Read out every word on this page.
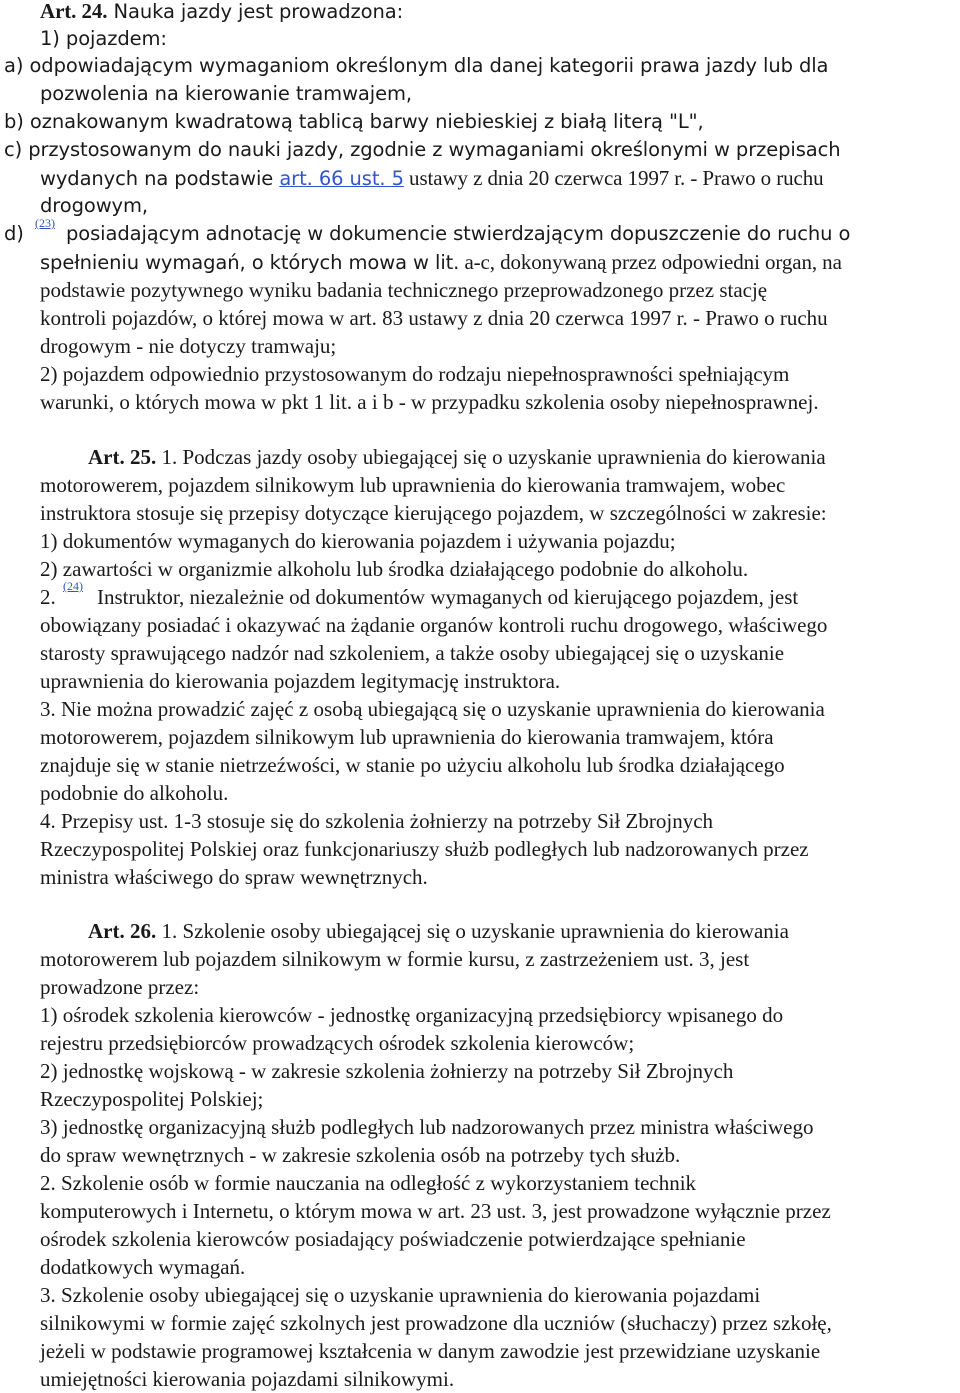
Art. 24. Nauka jazdy jest prowadzona:
1) pojazdem:
a) odpowiadającym wymaganiom określonym dla danej kategorii prawa jazdy lub dla
pozwolenia na kierowanie tramwajem,
b) oznakowanym kwadratową tablicą barwy niebieskiej z białą literą "L",
c) przystosowanym do nauki jazdy, zgodnie z wymaganiami określonymi w przepisach
wydanych na podstawie art. 66 ust. 5 ustawy z dnia 20 czerwca 1997 r. - Prawo o ruchu
drogowym,
d) (23) posiadającym adnotację w dokumencie stwierdzającym dopuszczenie do ruchu o
spełnieniu wymagań, o których mowa w lit. a-c, dokonywaną przez odpowiedni organ, na
podstawie pozytywnego wyniku badania technicznego przeprowadzonego przez stację
kontroli pojazdów, o której mowa w art. 83 ustawy z dnia 20 czerwca 1997 r. - Prawo o ruchu
drogowym - nie dotyczy tramwaju;
2) pojazdem odpowiednio przystosowanym do rodzaju niepełnosprawności spełniającym
warunki, o których mowa w pkt 1 lit. a i b - w przypadku szkolenia osoby niepełnosprawnej.
Art. 25. 1. Podczas jazdy osoby ubiegającej się o uzyskanie uprawnienia do kierowania
motorowerem, pojazdem silnikowym lub uprawnienia do kierowania tramwajem, wobec
instruktora stosuje się przepisy dotyczące kierującego pojazdem, w szczególności w zakresie:
1) dokumentów wymaganych do kierowania pojazdem i używania pojazdu;
2) zawartości w organizmie alkoholu lub środka działającego podobnie do alkoholu.
2. (24) Instruktor, niezależnie od dokumentów wymaganych od kierującego pojazdem, jest
obowiązany posiadać i okazywać na żądanie organów kontroli ruchu drogowego, właściwego
starosty sprawującego nadzór nad szkoleniem, a także osoby ubiegającej się o uzyskanie
uprawnienia do kierowania pojazdem legitymację instruktora.
3. Nie można prowadzić zajęć z osobą ubiegającą się o uzyskanie uprawnienia do kierowania
motorowerem, pojazdem silnikowym lub uprawnienia do kierowania tramwajem, która
znajduje się w stanie nietrzeźwości, w stanie po użyciu alkoholu lub środka działającego
podobnie do alkoholu.
4. Przepisy ust. 1-3 stosuje się do szkolenia żołnierzy na potrzeby Sił Zbrojnych
Rzeczypospolitej Polskiej oraz funkcjonariuszy służb podległych lub nadzorowanych przez
ministra właściwego do spraw wewnętrznych.
Art. 26. 1. Szkolenie osoby ubiegającej się o uzyskanie uprawnienia do kierowania
motorowerem lub pojazdem silnikowym w formie kursu, z zastrzeżeniem ust. 3, jest
prowadzone przez:
1) ośrodek szkolenia kierowców - jednostkę organizacyjną przedsiębiorcy wpisanego do
rejestru przedsiębiorców prowadzących ośrodek szkolenia kierowców;
2) jednostkę wojskową - w zakresie szkolenia żołnierzy na potrzeby Sił Zbrojnych
Rzeczypospolitej Polskiej;
3) jednostkę organizacyjną służb podległych lub nadzorowanych przez ministra właściwego
do spraw wewnętrznych - w zakresie szkolenia osób na potrzeby tych służb.
2. Szkolenie osób w formie nauczania na odległość z wykorzystaniem technik
komputerowych i Internetu, o którym mowa w art. 23 ust. 3, jest prowadzone wyłącznie przez
ośrodek szkolenia kierowców posiadający poświadczenie potwierdzające spełnianie
dodatkowych wymagań.
3. Szkolenie osoby ubiegającej się o uzyskanie uprawnienia do kierowania pojazdami
silnikowymi w formie zajęć szkolnych jest prowadzone dla uczniów (słuchaczy) przez szkołę,
jeżeli w podstawie programowej kształcenia w danym zawodzie jest przewidziane uzyskanie
umiejętności kierowania pojazdami silnikowymi.
